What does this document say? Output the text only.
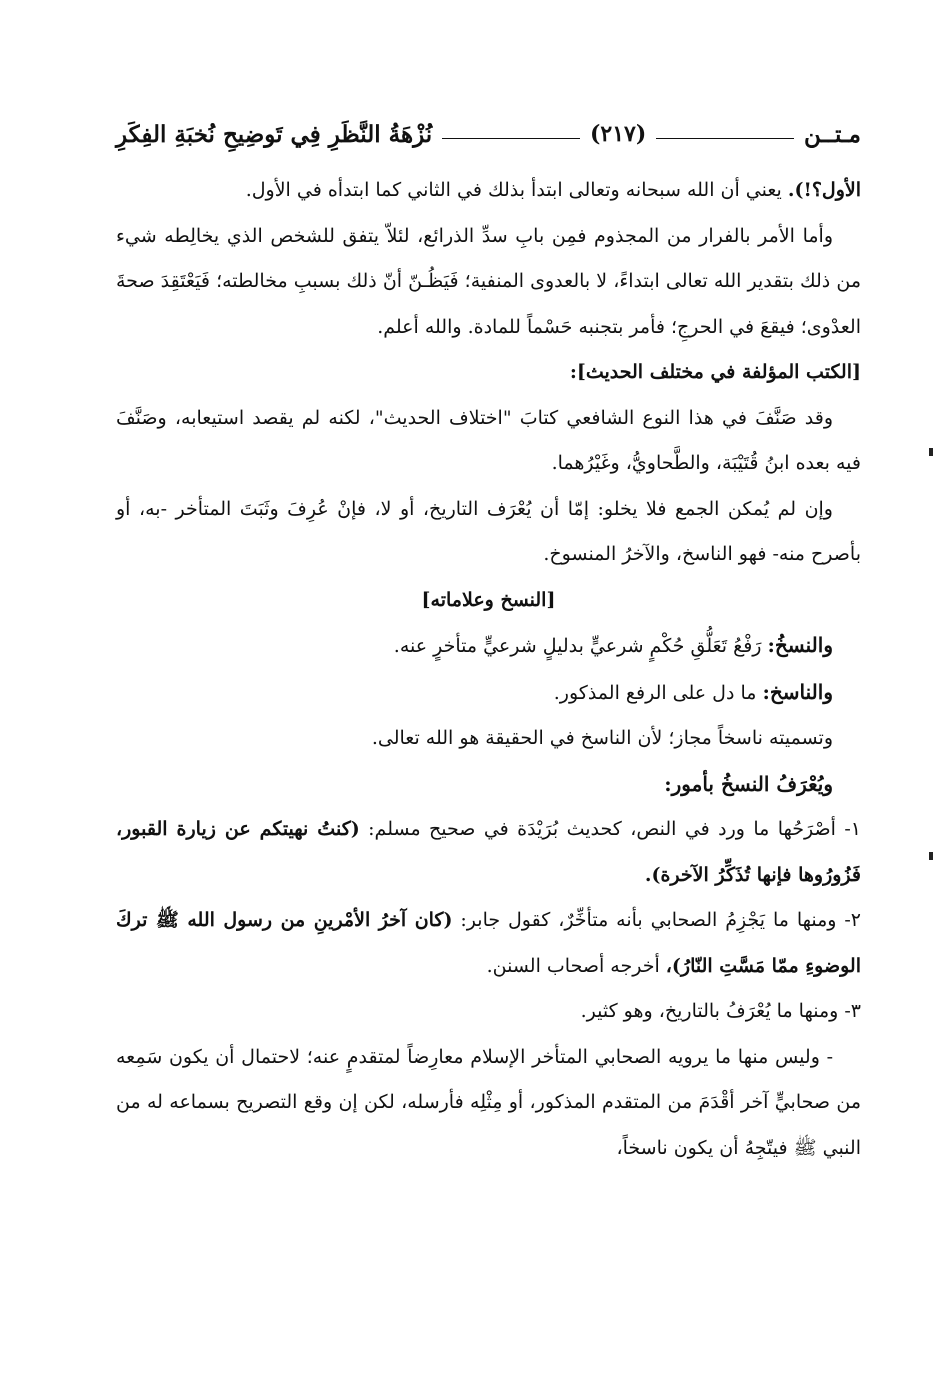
مـتــن
(٢١٧)
نُزْهَةُ النَّظَرِ فِي تَوضِيحِ نُخبَةِ الفِكَرِ

الأول؟!). يعني أن الله سبحانه وتعالى ابتدأ بذلك في الثاني كما ابتدأه في الأول.

وأما الأمر بالفرار من المجذوم فمِن بابِ سدِّ الذرائع، لئلاّ يتفق للشخص الذي يخالِطه شيء من ذلك بتقدير الله تعالى ابتداءً، لا بالعدوى المنفية؛ فَيَظُـنّ أنّ ذلك بسببِ مخالطته؛ فَيَعْتَقِدَ صحةَ العدْوى؛ فيقعَ في الحرجِ؛ فأمر بتجنبه حَسْماً للمادة. والله أعلم.

[الكتب المؤلفة في مختلف الحديث]:

وقد صَنَّفَ في هذا النوع الشافعي كتابَ "اختلاف الحديث"، لكنه لم يقصد استيعابه، وصَنَّفَ فيه بعده ابنُ قُتَيْبَة، والطَّحاويُّ، وغَيْرُهما.

وإن لم يُمكن الجمع فلا يخلو: إمّا أن يُعْرَف التاريخ، أو لا، فإنْ عُرِفَ وثَبَتَ المتأخر -به، أو بأصرح منه- فهو الناسخ، والآخرُ المنسوخ.

[النسخ وعلاماته]

والنسخُ: رَفْعُ تَعَلُّقِ حُكْمٍ شرعيٍّ بدليلٍ شرعيٍّ متأخرٍ عنه.

والناسخ: ما دل على الرفع المذكور.

وتسميته ناسخاً مجاز؛ لأن الناسخ في الحقيقة هو الله تعالى.

ويُعْرَفُ النسخُ بأمور:

١- أصْرَحُها ما ورد في النص، كحديث بُرَيْدَة في صحيح مسلم: (كنتُ نهيتكم عن زيارة القبور، فَزُورُوها فإنها تُذَكِّرُ الآخرة).

٢- ومنها ما يَجْزِمُ الصحابي بأنه متأخِّرٌ، كقول جابر: (كان آخرُ الأمْرينِ من رسول الله ﷺ تركَ الوضوءِ ممّا مَسَّتِ النّارُ)، أخرجه أصحاب السنن.

٣- ومنها ما يُعْرَفُ بالتاريخ، وهو كثير.

- وليس منها ما يرويه الصحابي المتأخر الإسلام معارِضاً لمتقدمٍ عنه؛ لاحتمال أن يكون سَمِعه من صحابيٍّ آخر أقْدَمَ من المتقدم المذكور، أو مِثْلِه فأرسله، لكن إن وقع التصريح بسماعه له من النبي ﷺ فيتّجِهُ أن يكون ناسخاً،
